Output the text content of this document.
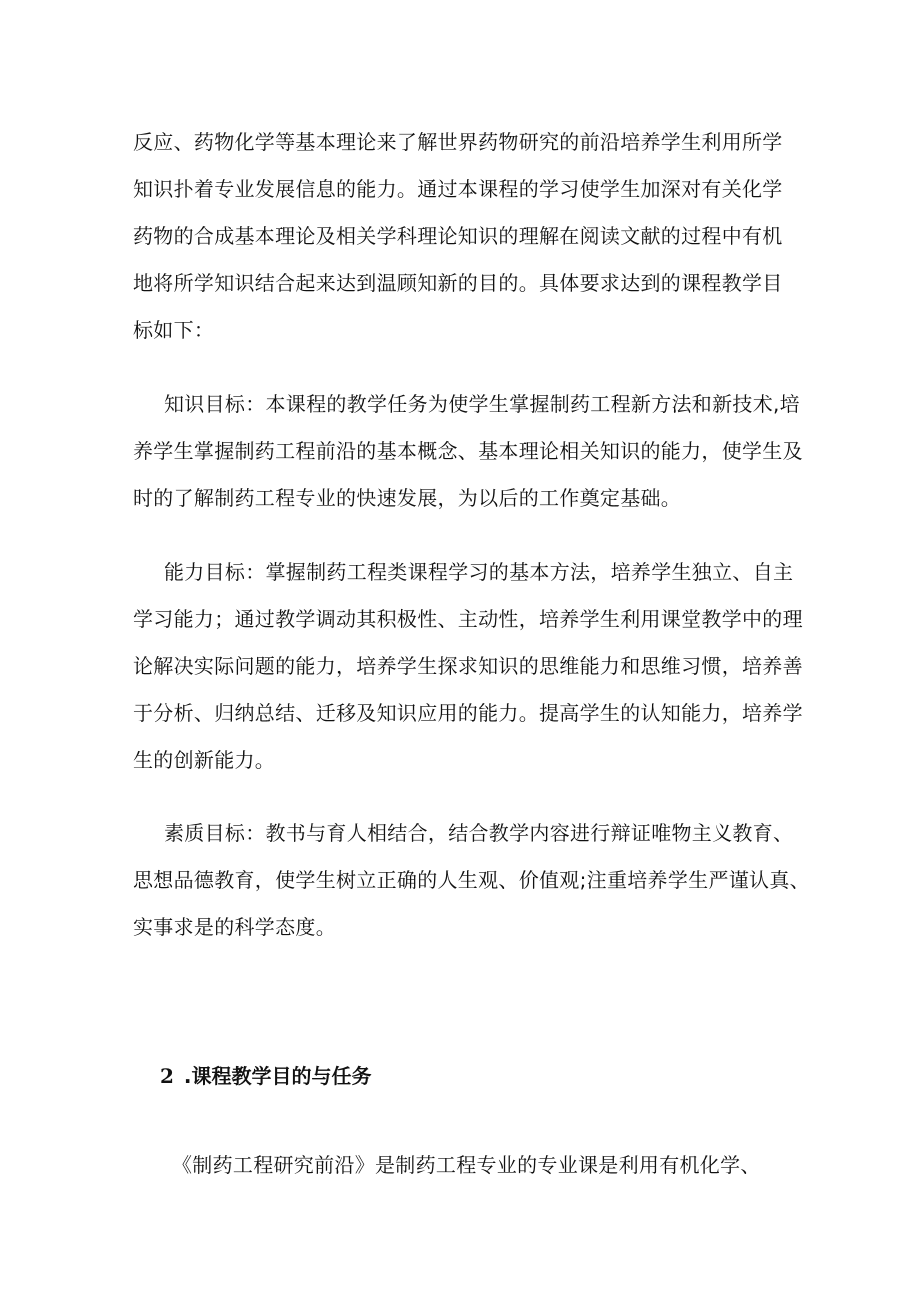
反应、药物化学等基本理论来了解世界药物研究的前沿培养学生利用所学
知识扑着专业发展信息的能力。通过本课程的学习使学生加深对有关化学
药物的合成基本理论及相关学科理论知识的理解在阅读文献的过程中有机
地将所学知识结合起来达到温顾知新的目的。具体要求达到的课程教学目
标如下：

知识目标：本课程的教学任务为使学生掌握制药工程新方法和新技术,培
养学生掌握制药工程前沿的基本概念、基本理论相关知识的能力，使学生及
时的了解制药工程专业的快速发展，为以后的工作奠定基础。

能力目标：掌握制药工程类课程学习的基本方法，培养学生独立、自主
学习能力；通过教学调动其积极性、主动性，培养学生利用课堂教学中的理
论解决实际问题的能力，培养学生探求知识的思维能力和思维习惯，培养善
于分析、归纳总结、迁移及知识应用的能力。提高学生的认知能力，培养学
生的创新能力。

素质目标：教书与育人相结合，结合教学内容进行辩证唯物主义教育、
思想品德教育，使学生树立正确的人生观、价值观;注重培养学生严谨认真、
实事求是的科学态度。

2 .课程教学目的与任务

《制药工程研究前沿》是制药工程专业的专业课是利用有机化学、
